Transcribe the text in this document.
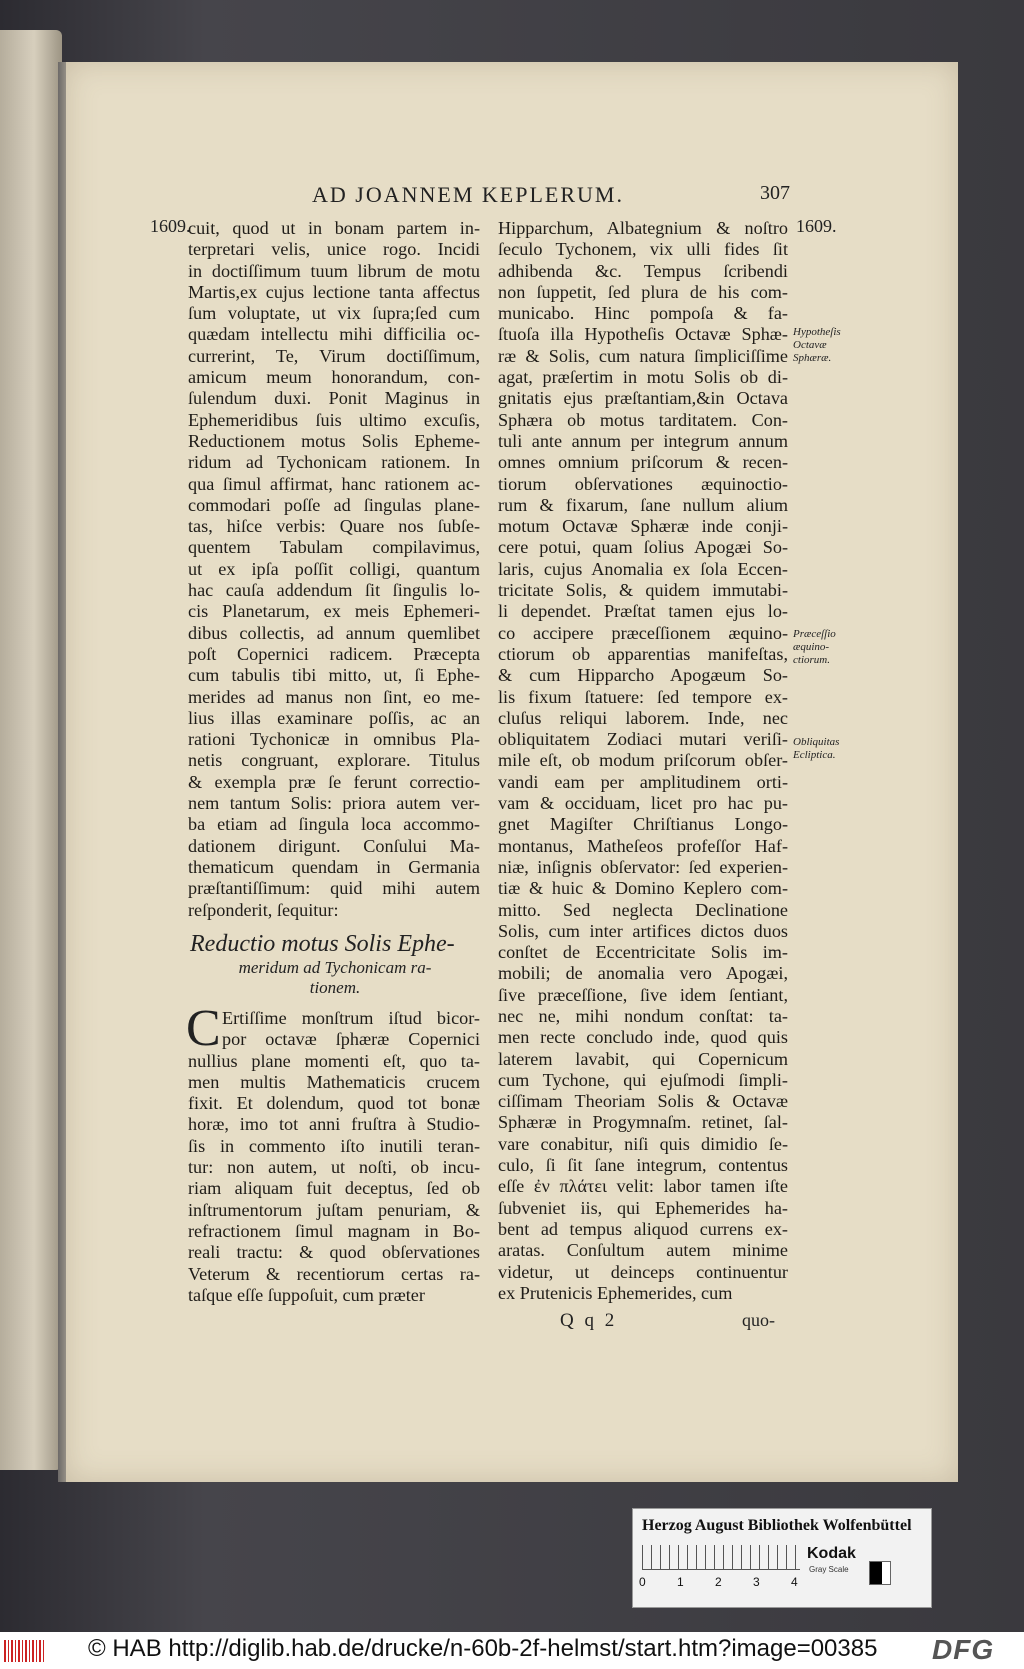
AD JOANNEM KEPLERUM.	307
1609.	1609.
cuit, quod ut in bonam partem in-
terpretari velis, unice rogo. Incidi
in doctiſſimum tuum librum de motu
Martis,ex cujus lectione tanta affectus
ſum voluptate, ut vix ſupra;ſed cum
quædam intellectu mihi difficilia oc-
currerint, Te, Virum doctiſſimum,
amicum meum honorandum, con-
ſulendum duxi. Ponit Maginus in
Ephemeridibus ſuis ultimo excuſis,
Reductionem motus Solis Epheme-
ridum ad Tychonicam rationem. In
qua ſimul affirmat, hanc rationem ac-
commodari poſſe ad ſingulas plane-
tas, hiſce verbis: Quare nos ſubſe-
quentem Tabulam compilavimus,
ut ex ipſa poſſit colligi, quantum
hac cauſa addendum ſit ſingulis lo-
cis Planetarum, ex meis Ephemeri-
dibus collectis, ad annum quemlibet
poſt Copernici radicem. Præcepta
cum tabulis tibi mitto, ut, ſi Ephe-
merides ad manus non ſint, eo me-
lius illas examinare poſſis, ac an
rationi Tychonicæ in omnibus Pla-
netis congruant, explorare. Titulus
& exempla præ ſe ferunt correctio-
nem tantum Solis: priora autem ver-
ba etiam ad ſingula loca accommo-
dationem dirigunt. Conſului Ma-
thematicum quendam in Germania
præſtantiſſimum: quid mihi autem
reſponderit, ſequitur:
Reductio motus Solis Ephe-
meridum ad Tychonicam ra-
tionem.
C Ertiſſime monſtrum iſtud bicor-
por octavæ ſphæræ Copernici
nullius plane momenti eſt, quo ta-
men multis Mathematicis crucem
fixit. Et dolendum, quod tot bonæ
horæ, imo tot anni fruſtra à Studio-
ſis in commento iſto inutili teran-
tur: non autem, ut noſti, ob incu-
riam aliquam fuit deceptus, ſed ob
inſtrumentorum juſtam penuriam, &
refractionem ſimul magnam in Bo-
reali tractu: & quod obſervationes
Veterum & recentiorum certas ra-
taſque eſſe ſuppoſuit, cum præter
Hipparchum, Albategnium & noſtro
ſeculo Tychonem, vix ulli fides ſit
adhibenda &c. Tempus ſcribendi
non ſuppetit, ſed plura de his com-
municabo. Hinc pompoſa & fa-
ſtuoſa illa Hypotheſis Octavæ Sphæ-
ræ & Solis, cum natura ſimpliciſſime
agat, præſertim in motu Solis ob di-
gnitatis ejus præſtantiam,&in Octava
Sphæra ob motus tarditatem. Con-
tuli ante annum per integrum annum
omnes omnium priſcorum & recen-
tiorum obſervationes æquinoctio-
rum & fixarum, ſane nullum alium
motum Octavæ Sphæræ inde conji-
cere potui, quam ſolius Apogæi So-
laris, cujus Anomalia ex ſola Eccen-
tricitate Solis, & quidem immutabi-
li dependet. Præſtat tamen ejus lo-
co accipere præceſſionem æquino-
ctiorum ob apparentias manifeſtas,
& cum Hipparcho Apogæum So-
lis fixum ſtatuere: ſed tempore ex-
cluſus reliqui laborem. Inde, nec
obliquitatem Zodiaci mutari veriſi-
mile eſt, ob modum priſcorum obſer-
vandi eam per amplitudinem orti-
vam & occiduam, licet pro hac pu-
gnet Magiſter Chriſtianus Longo-
montanus, Matheſeos profeſſor Haf-
niæ, inſignis obſervator: ſed experien-
tiæ & huic & Domino Keplero com-
mitto. Sed neglecta Declinatione
Solis, cum inter artifices dictos duos
conſtet de Eccentricitate Solis im-
mobili; de anomalia vero Apogæi,
ſive præceſſione, ſive idem ſentiant,
nec ne, mihi nondum conſtat: ta-
men recte concludo inde, quod quis
laterem lavabit, qui Copernicum
cum Tychone, qui ejuſmodi ſimpli-
ciſſimam Theoriam Solis & Octavæ
Sphæræ in Progymnaſm. retinet, ſal-
vare conabitur, niſi quis dimidio ſe-
culo, ſi ſit ſane integrum, contentus
eſſe ἐν πλάτει velit: labor tamen iſte
ſubveniet iis, qui Ephemerides ha-
bent ad tempus aliquod currens ex-
aratas. Conſultum autem minime
videtur, ut deinceps continuentur
ex Prutenicis Ephemerides, cum
Hypotheſis
Octavæ
Sphæræ.
Præceſſio
æquino-
ctiorum.
Obliquitas
Ecliptica.
Q q 2	quo-
Herzog August Bibliothek Wolfenbüttel
0	1	2	3	4
Kodak
Gray Scale
© HAB http://diglib.hab.de/drucke/n-60b-2f-helmst/start.htm?image=00385 DFG
